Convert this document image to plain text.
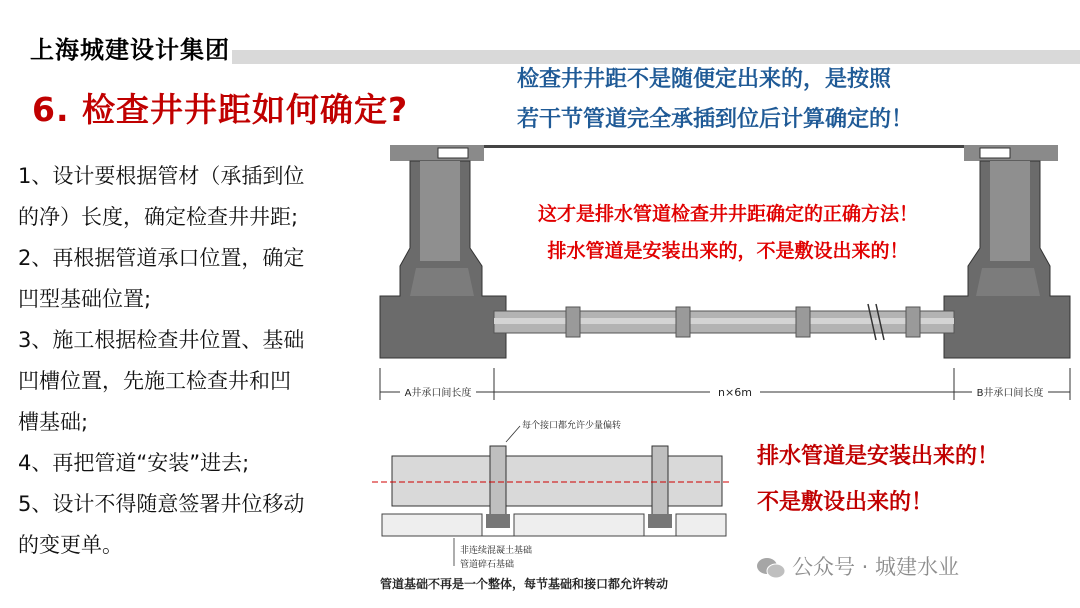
上海城建设计集团
6. 检查井井距如何确定?
检查井井距不是随便定出来的，是按照
若干节管道完全承插到位后计算确定的！
1、设计要根据管材（承插到位
的净）长度，确定检查井井距;
2、再根据管道承口位置，确定
凹型基础位置;
3、施工根据检查井位置、基础
凹槽位置，先施工检查井和凹
槽基础;
4、再把管道“安装”进去;
5、设计不得随意签署井位移动
的变更单。
A井承口间长度	n×6m	B井承口间长度
这才是排水管道检查井井距确定的正确方法！
排水管道是安装出来的，不是敷设出来的！
每个接口都允许少量偏转
非连续混凝土基础
管道碎石基础
管道基础不再是一个整体，每节基础和接口都允许转动
排水管道是安装出来的！
不是敷设出来的！
公众号 · 城建水业
